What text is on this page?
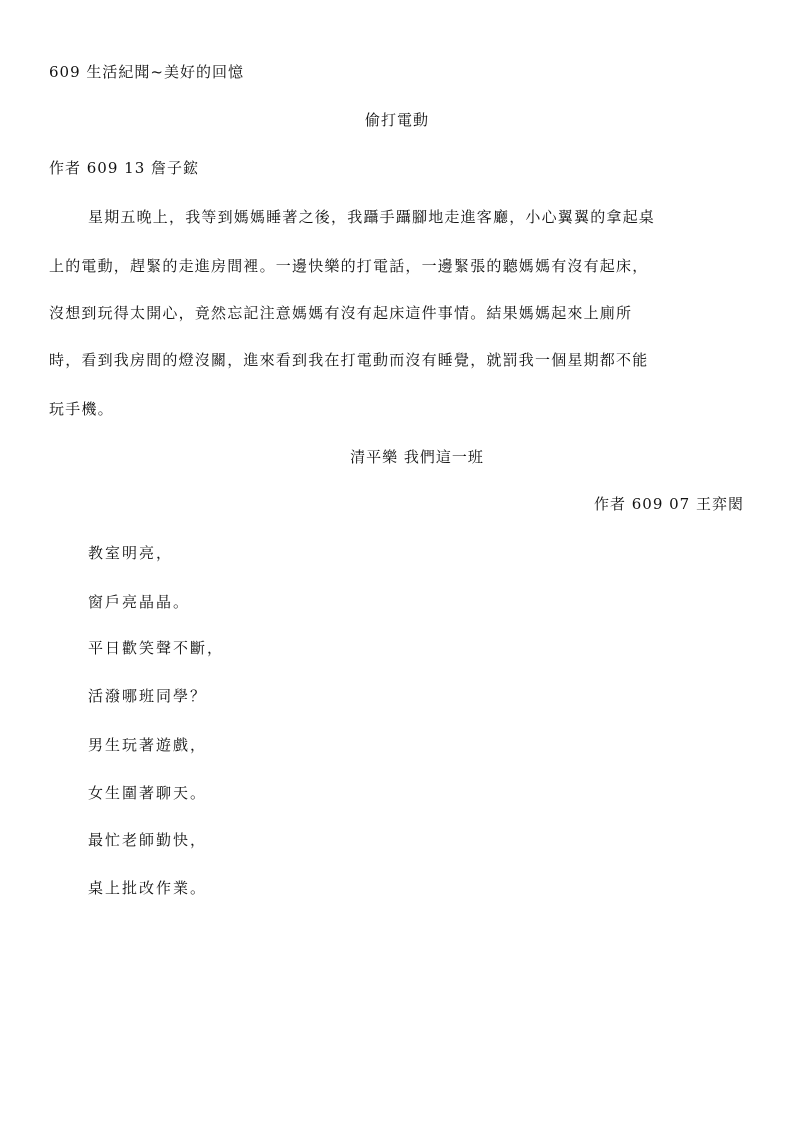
609 生活紀聞~美好的回憶
偷打電動
作者 609 13 詹子鋐
星期五晚上，我等到媽媽睡著之後，我躡手躡腳地走進客廳，小心翼翼的拿起桌
上的電動，趕緊的走進房間裡。一邊快樂的打電話，一邊緊張的聽媽媽有沒有起床，
沒想到玩得太開心，竟然忘記注意媽媽有沒有起床這件事情。結果媽媽起來上廁所
時，看到我房間的燈沒關，進來看到我在打電動而沒有睡覺，就罰我一個星期都不能
玩手機。
清平樂 我們這一班
作者 609 07 王弈閎
教室明亮，
窗戶亮晶晶。
平日歡笑聲不斷，
活潑哪班同學？
男生玩著遊戲，
女生圍著聊天。
最忙老師勤快，
桌上批改作業。
